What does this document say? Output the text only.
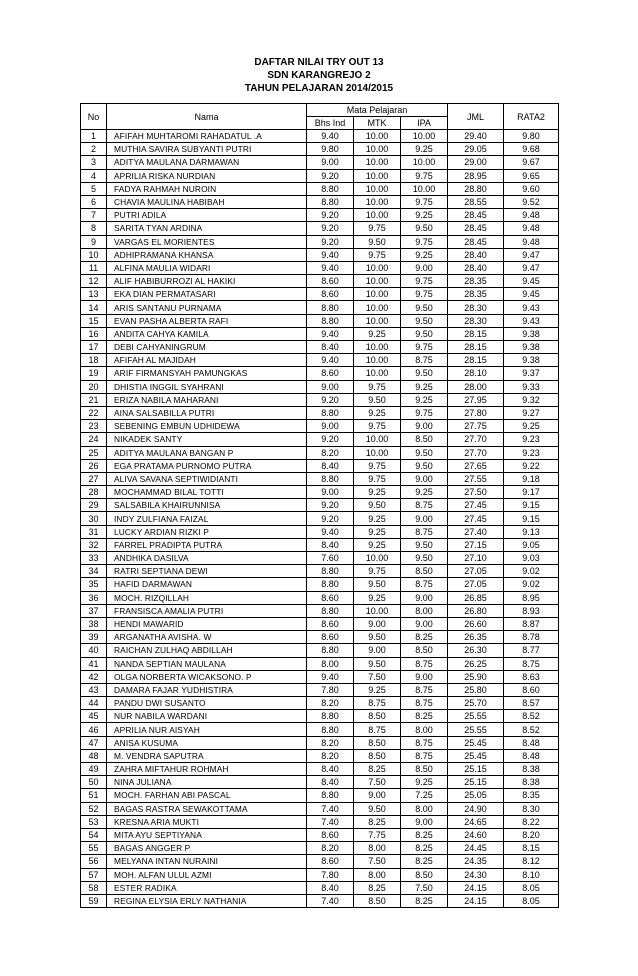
DAFTAR NILAI TRY OUT 13
SDN KARANGREJO 2
TAHUN PELAJARAN 2014/2015
No	Nama	Mata Pelajaran			JML	RATA2
		Bhs Ind	MTK	IPA		
1	AFIFAH MUHTAROMI RAHADATUL .A	9.40	10.00	10.00	29.40	9.80
2	MUTHIA SAVIRA SUBYANTI PUTRI	9.80	10.00	9.25	29.05	9.68
3	ADITYA MAULANA DARMAWAN	9.00	10.00	10.00	29.00	9.67
4	APRILIA RISKA NURDIAN	9.20	10.00	9.75	28.95	9.65
5	FADYA RAHMAH NUROIN	8.80	10.00	10.00	28.80	9.60
6	CHAVIA MAULINA HABIBAH	8.80	10.00	9.75	28.55	9.52
7	PUTRI ADILA	9.20	10.00	9.25	28.45	9.48
8	SARITA TYAN ARDINA	9.20	9.75	9.50	28.45	9.48
9	VARGAS EL MORIENTES	9.20	9.50	9.75	28.45	9.48
10	ADHIPRAMANA KHANSA	9.40	9.75	9.25	28.40	9.47
11	ALFINA MAULIA WIDARI	9.40	10.00	9.00	28.40	9.47
12	ALIF HABIBURROZI AL HAKIKI	8.60	10.00	9.75	28.35	9.45
13	EKA DIAN PERMATASARI	8.60	10.00	9.75	28.35	9.45
14	ARIS SANTANU PURNAMA	8.80	10.00	9.50	28.30	9.43
15	EVAN PASHA ALBERTA RAFI	8.80	10.00	9.50	28.30	9.43
16	ANDITA CAHYA KAMILA	9.40	9.25	9.50	28.15	9.38
17	DEBI CAHYANINGRUM	8.40	10.00	9.75	28.15	9.38
18	AFIFAH AL MAJIDAH	9.40	10.00	8.75	28.15	9.38
19	ARIF FIRMANSYAH PAMUNGKAS	8.60	10.00	9.50	28.10	9.37
20	DHISTIA INGGIL SYAHRANI	9.00	9.75	9.25	28.00	9.33
21	ERIZA NABILA MAHARANI	9.20	9.50	9.25	27.95	9.32
22	AINA SALSABILLA PUTRI	8.80	9.25	9.75	27.80	9.27
23	SEBENING EMBUN UDHIDEWA	9.00	9.75	9.00	27.75	9.25
24	NIKADEK SANTY	9.20	10.00	8.50	27.70	9.23
25	ADITYA MAULANA BANGAN P	8.20	10.00	9.50	27.70	9.23
26	EGA PRATAMA PURNOMO PUTRA	8.40	9.75	9.50	27.65	9.22
27	ALIVA SAVANA SEPTIWIDIANTI	8.80	9.75	9.00	27.55	9.18
28	MOCHAMMAD BILAL TOTTI	9.00	9.25	9.25	27.50	9.17
29	SALSABILA KHAIRUNNISA	9.20	9.50	8.75	27.45	9.15
30	INDY ZULFIANA FAIZAL	9.20	9.25	9.00	27.45	9.15
31	LUCKY ARDIAN RIZKI P	9.40	9.25	8.75	27.40	9.13
32	FARREL PRADIPTA PUTRA	8.40	9.25	9.50	27.15	9.05
33	ANDHIKA DASILVA	7.60	10.00	9.50	27.10	9.03
34	RATRI SEPTIANA DEWI	8.80	9.75	8.50	27.05	9.02
35	HAFID DARMAWAN	8.80	9.50	8.75	27.05	9.02
36	MOCH. RIZQILLAH	8.60	9.25	9.00	26.85	8.95
37	FRANSISCA AMALIA PUTRI	8.80	10.00	8.00	26.80	8.93
38	HENDI MAWARID	8.60	9.00	9.00	26.60	8.87
39	ARGANATHA AVISHA. W	8.60	9.50	8.25	26.35	8.78
40	RAICHAN ZULHAQ ABDILLAH	8.80	9.00	8.50	26.30	8.77
41	NANDA SEPTIAN MAULANA	8.00	9.50	8.75	26.25	8.75
42	OLGA NORBERTA WICAKSONO. P	9.40	7.50	9.00	25.90	8.63
43	DAMARA FAJAR YUDHISTIRA	7.80	9.25	8.75	25.80	8.60
44	PANDU DWI SUSANTO	8.20	8.75	8.75	25.70	8.57
45	NUR NABILA WARDANI	8.80	8.50	8.25	25.55	8.52
46	APRILIA NUR AISYAH	8.80	8.75	8.00	25.55	8.52
47	ANISA KUSUMA	8.20	8.50	8.75	25.45	8.48
48	M. VENDRA SAPUTRA	8.20	8.50	8.75	25.45	8.48
49	ZAHRA MIFTAHUR ROHMAH	8.40	8.25	8.50	25.15	8.38
50	NINA JULIANA	8.40	7.50	9.25	25.15	8.38
51	MOCH. FARHAN ABI PASCAL	8.80	9.00	7.25	25.05	8.35
52	BAGAS RASTRA SEWAKOTTAMA	7.40	9.50	8.00	24.90	8.30
53	KRESNA ARIA MUKTI	7.40	8.25	9.00	24.65	8.22
54	MITA AYU SEPTIYANA	8.60	7.75	8.25	24.60	8.20
55	BAGAS ANGGER P	8.20	8.00	8.25	24.45	8.15
56	MELYANA INTAN NURAINI	8.60	7.50	8.25	24.35	8.12
57	MOH. ALFAN ULUL AZMI	7.80	8.00	8.50	24.30	8.10
58	ESTER RADIKA	8.40	8.25	7.50	24.15	8.05
59	REGINA ELYSIA ERLY NATHANIA	7.40	8.50	8.25	24.15	8.05
